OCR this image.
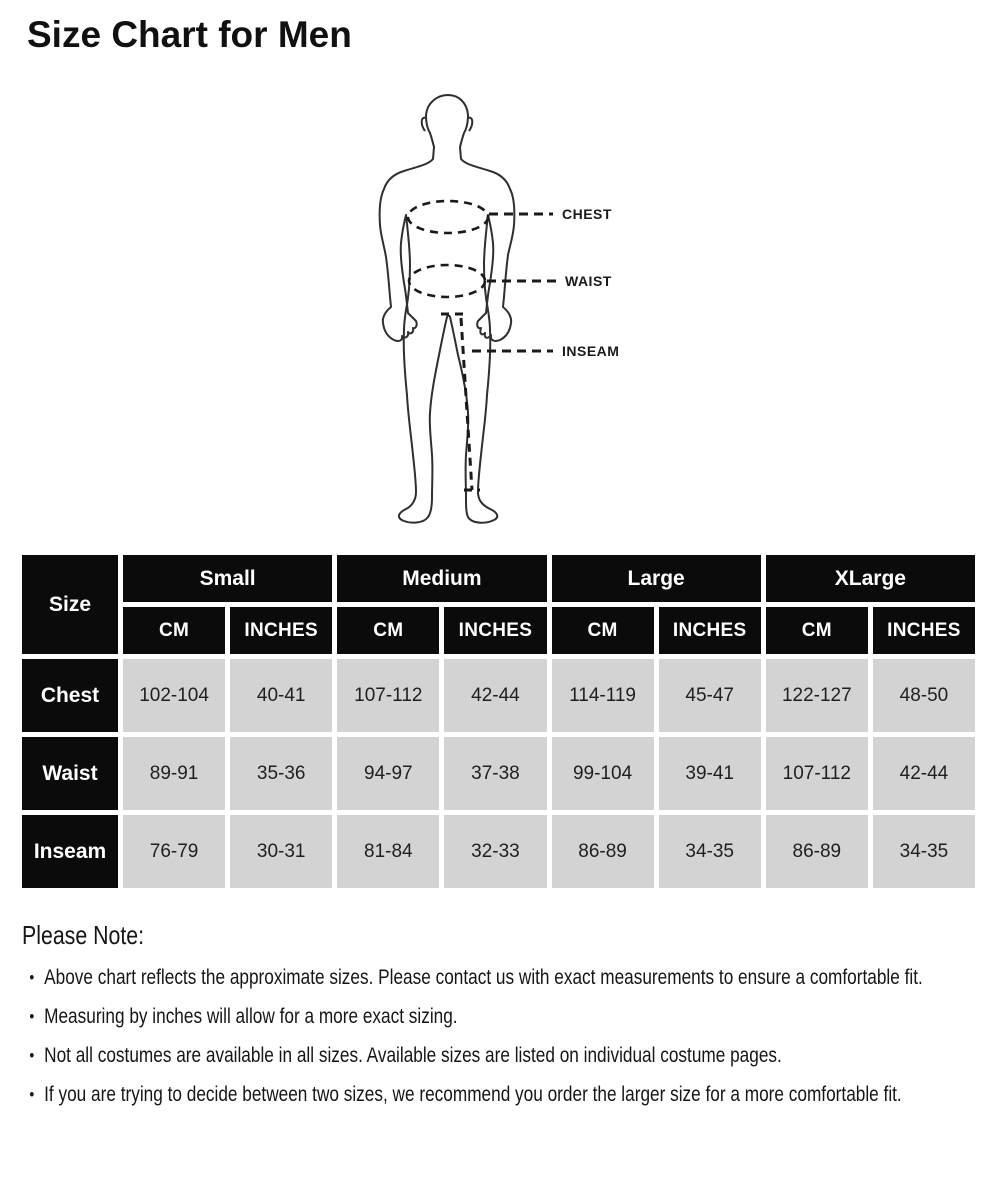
Size Chart for Men
CHEST
WAIST
INSEAM
Size	Small		Medium		Large		XLarge	
	CM	INCHES	CM	INCHES	CM	INCHES	CM	INCHES
Chest	102-104	40-41	107-112	42-44	114-119	45-47	122-127	48-50
Waist	89-91	35-36	94-97	37-38	99-104	39-41	107-112	42-44
Inseam	76-79	30-31	81-84	32-33	86-89	34-35	86-89	34-35
Please Note:
• Above chart reflects the approximate sizes. Please contact us with exact measurements to ensure a comfortable fit.
• Measuring by inches will allow for a more exact sizing.
• Not all costumes are available in all sizes. Available sizes are listed on individual costume pages.
• If you are trying to decide between two sizes, we recommend you order the larger size for a more comfortable fit.
